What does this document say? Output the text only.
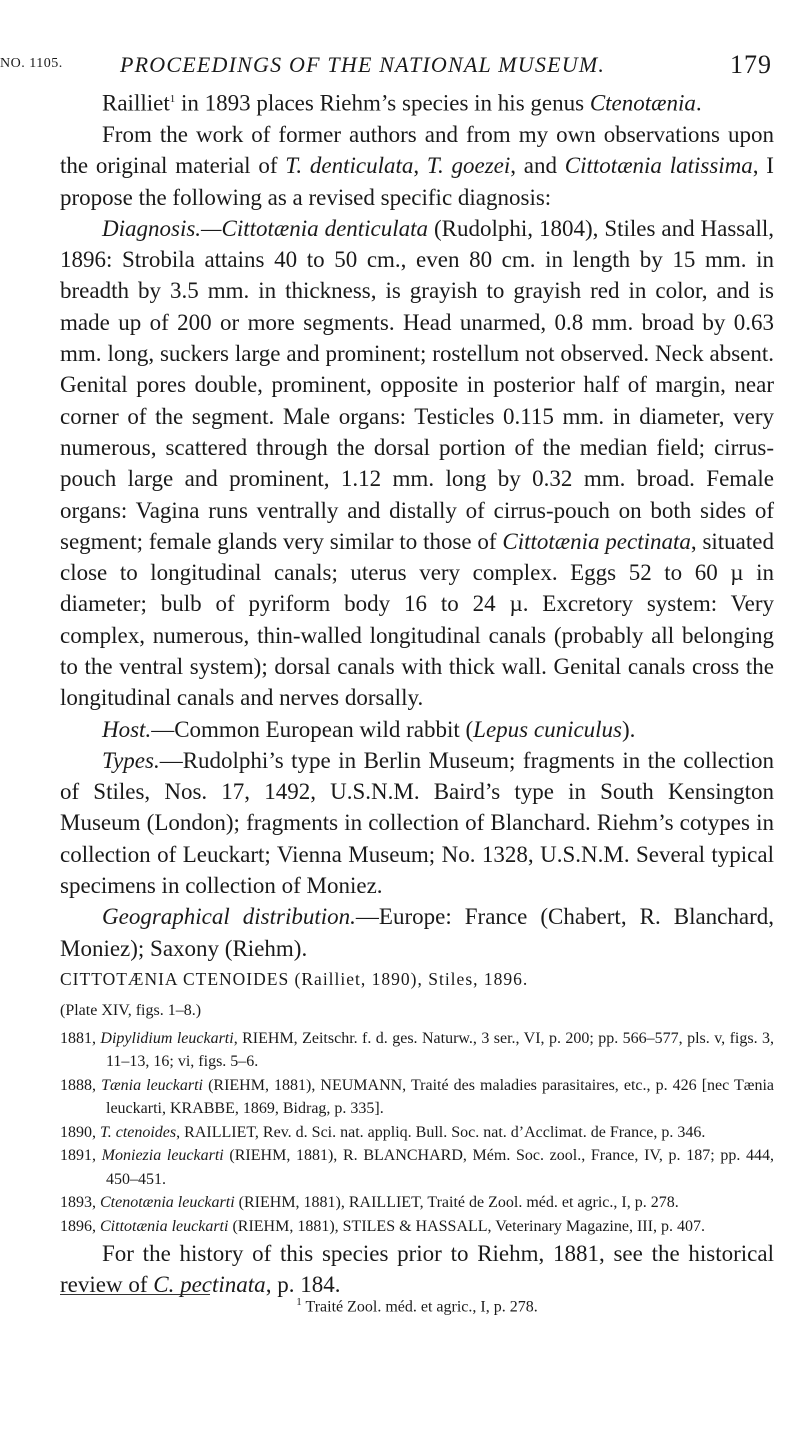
NO. 1105.	PROCEEDINGS OF THE NATIONAL MUSEUM.	179

Railliet$^1$ in 1893 places Riehm’s species in his genus Ctenotænia.

From the work of former authors and from my own observations upon the original material of T. denticulata, T. goezei, and Cittotænia latissima, I propose the following as a revised specific diagnosis:

Diagnosis.—Cittotænia denticulata (Rudolphi, 1804), Stiles and Hassall, 1896: Strobila attains 40 to 50 cm., even 80 cm. in length by 15 mm. in breadth by 3.5 mm. in thickness, is grayish to grayish red in color, and is made up of 200 or more segments. Head unarmed, 0.8 mm. broad by 0.63 mm. long, suckers large and prominent; rostellum not observed. Neck absent. Genital pores double, prominent, opposite in posterior half of margin, near corner of the segment. Male organs: Testicles 0.115 mm. in diameter, very numerous, scattered through the dorsal portion of the median field; cirrus-pouch large and prominent, 1.12 mm. long by 0.32 mm. broad. Female organs: Vagina runs ventrally and distally of cirrus-pouch on both sides of segment; female glands very similar to those of Cittotænia pectinata, situated close to longitudinal canals; uterus very complex. Eggs 52 to 60 µ in diameter; bulb of pyriform body 16 to 24 µ. Excretory system: Very complex, numerous, thin-walled longitudinal canals (probably all belonging to the ventral system); dorsal canals with thick wall. Genital canals cross the longitudinal canals and nerves dorsally.

Host.—Common European wild rabbit (Lepus cuniculus).

Types.—Rudolphi’s type in Berlin Museum; fragments in the collection of Stiles, Nos. 17, 1492, U.S.N.M. Baird’s type in South Kensington Museum (London); fragments in collection of Blanchard. Riehm’s cotypes in collection of Leuckart; Vienna Museum; No. 1328, U.S.N.M. Several typical specimens in collection of Moniez.

Geographical distribution.—Europe: France (Chabert, R. Blanchard, Moniez); Saxony (Riehm).

CITTOTÆNIA CTENOIDES (Railliet, 1890), Stiles, 1896.

(Plate XIV, figs. 1–8.)

1881, Dipylidium leuckarti, RIEHM, Zeitschr. f. d. ges. Naturw., 3 ser., VI, p. 200; pp. 566–577, pls. v, figs. 3, 11–13, 16; vi, figs. 5–6.

1888, Tænia leuckarti (RIEHM, 1881), NEUMANN, Traité des maladies parasitaires, etc., p. 426 [nec Tænia leuckarti, KRABBE, 1869, Bidrag, p. 335].

1890, T. ctenoides, RAILLIET, Rev. d. Sci. nat. appliq. Bull. Soc. nat. d’Acclimat. de France, p. 346.

1891, Moniezia leuckarti (RIEHM, 1881), R. BLANCHARD, Mém. Soc. zool., France, IV, p. 187; pp. 444, 450–451.

1893, Ctenotænia leuckarti (RIEHM, 1881), RAILLIET, Traité de Zool. méd. et agric., I, p. 278.

1896, Cittotænia leuckarti (RIEHM, 1881), STILES & HASSALL, Veterinary Magazine, III, p. 407.

For the history of this species prior to Riehm, 1881, see the historical review of C. pectinata, p. 184.

$^1$ Traité Zool. méd. et agric., I, p. 278.
